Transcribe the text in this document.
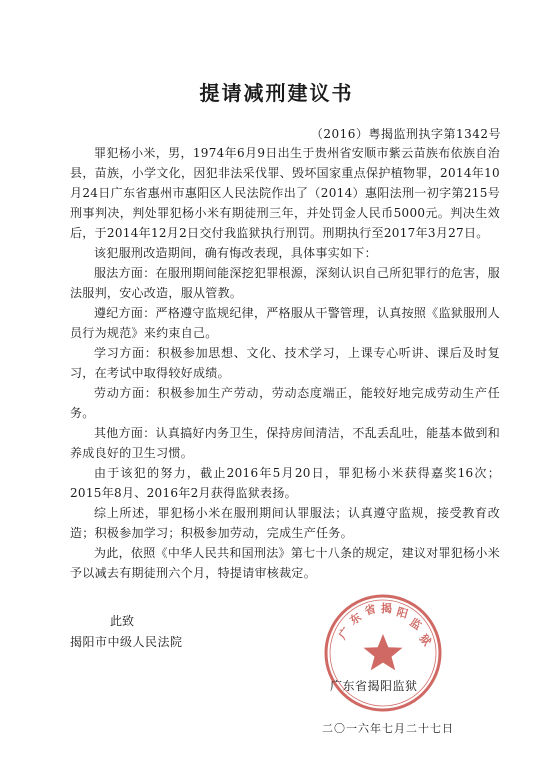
提请减刑建议书
（2016）粤揭监刑执字第1342号

罪犯杨小米，男，1974年6月9日出生于贵州省安顺市紫云苗族布依族自治县，苗族，小学文化，因犯非法采伐罪、毁坏国家重点保护植物罪，2014年10月24日广东省惠州市惠阳区人民法院作出了（2014）惠阳法刑一初字第215号刑事判决，判处罪犯杨小米有期徒刑三年，并处罚金人民币5000元。判决生效后，于2014年12月2日交付我监狱执行刑罚。刑期执行至2017年3月27日。

该犯服刑改造期间，确有悔改表现，具体事实如下：

服法方面：在服刑期间能深挖犯罪根源，深刻认识自己所犯罪行的危害，服法服判，安心改造，服从管教。

遵纪方面：严格遵守监规纪律，严格服从干警管理，认真按照《监狱服刑人员行为规范》来约束自己。

学习方面：积极参加思想、文化、技术学习，上课专心听讲、课后及时复习，在考试中取得较好成绩。

劳动方面：积极参加生产劳动，劳动态度端正，能较好地完成劳动生产任务。

其他方面：认真搞好内务卫生，保持房间清洁，不乱丢乱吐，能基本做到和养成良好的卫生习惯。

由于该犯的努力，截止2016年5月20日，罪犯杨小米获得嘉奖16次；2015年8月、2016年2月获得监狱表扬。

综上所述，罪犯杨小米在服刑期间认罪服法；认真遵守监规，接受教育改造；积极参加学习；积极参加劳动，完成生产任务。

为此，依照《中华人民共和国刑法》第七十八条的规定，建议对罪犯杨小米予以减去有期徒刑六个月，特提请审核裁定。

此致
揭阳市中级人民法院
广
东
省 揭 阳
监
狱
广东省揭阳监狱
二〇一六年七月二十七日
